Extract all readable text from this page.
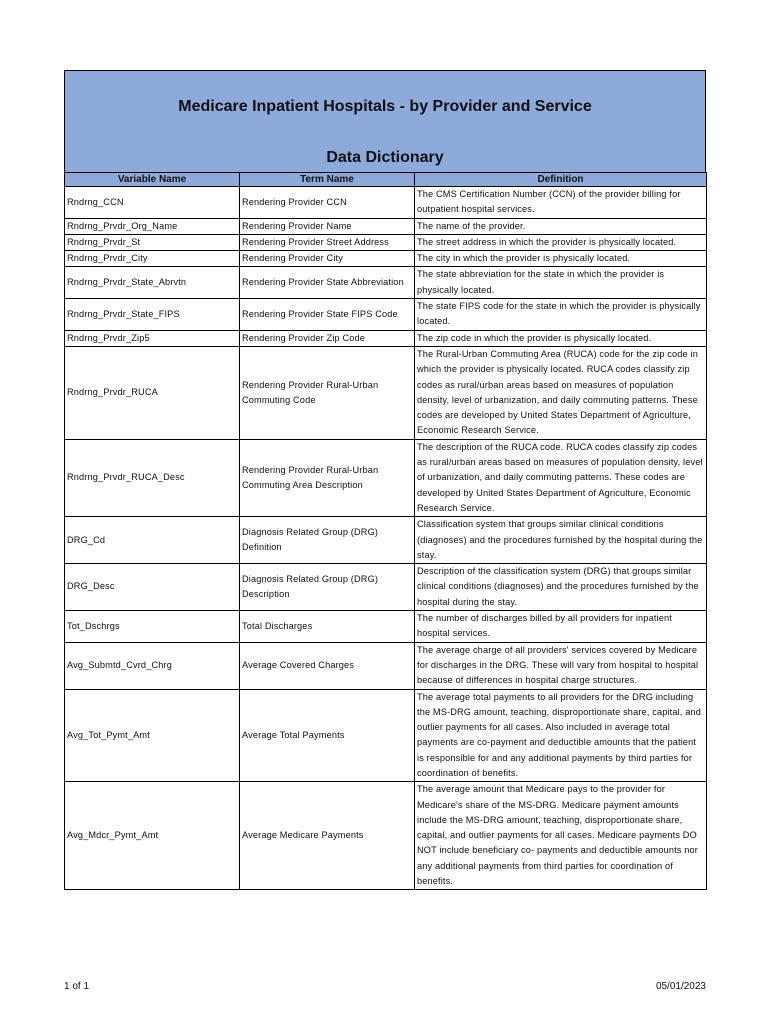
Medicare Inpatient Hospitals - by Provider and Service
Data Dictionary
Variable Name	Term Name	Definition
Rndrng_CCN	Rendering Provider CCN	The CMS Certification Number (CCN) of the provider billing for outpatient hospital services.
Rndrng_Prvdr_Org_Name	Rendering Provider Name	The name of the provider.
Rndrng_Prvdr_St	Rendering Provider Street Address	The street address in which the provider is physically located.
Rndrng_Prvdr_City	Rendering Provider City	The city in which the provider is physically located.
Rndrng_Prvdr_State_Abrvtn	Rendering Provider State Abbreviation	The state abbreviation for the state in which the provider is physically located.
Rndrng_Prvdr_State_FIPS	Rendering Provider State FIPS Code	The state FIPS code for the state in which the provider is physically located.
Rndrng_Prvdr_Zip5	Rendering Provider Zip Code	The zip code in which the provider is physically located.
Rndrng_Prvdr_RUCA	Rendering Provider Rural-Urban Commuting Code	The Rural-Urban Commuting Area (RUCA) code for the zip code in which the provider is physically located. RUCA codes classify zip codes as rural/urban areas based on measures of population density, level of urbanization, and daily commuting patterns. These codes are developed by United States Department of Agriculture, Economic Research Service.
Rndrng_Prvdr_RUCA_Desc	Rendering Provider Rural-Urban Commuting Area Description	The description of the RUCA code. RUCA codes classify zip codes as rural/urban areas based on measures of population density, level of urbanization, and daily commuting patterns. These codes are developed by United States Department of Agriculture, Economic Research Service.
DRG_Cd	Diagnosis Related Group (DRG) Definition	Classification system that groups similar clinical conditions (diagnoses) and the procedures furnished by the hospital during the stay.
DRG_Desc	Diagnosis Related Group (DRG) Description	Description of the classification system (DRG) that groups similar clinical conditions (diagnoses) and the procedures furnished by the hospital during the stay.
Tot_Dschrgs	Total Discharges	The number of discharges billed by all providers for inpatient hospital services.
Avg_Submtd_Cvrd_Chrg	Average Covered Charges	The average charge of all providers' services covered by Medicare for discharges in the DRG. These will vary from hospital to hospital because of differences in hospital charge structures.
Avg_Tot_Pymt_Amt	Average Total Payments	The average total payments to all providers for the DRG including the MS-DRG amount, teaching, disproportionate share, capital, and outlier payments for all cases. Also included in average total payments are co-payment and deductible amounts that the patient is responsible for and any additional payments by third parties for coordination of benefits.
Avg_Mdcr_Pymt_Amt	Average Medicare Payments	The average amount that Medicare pays to the provider for Medicare's share of the MS-DRG. Medicare payment amounts include the MS-DRG amount, teaching, disproportionate share, capital, and outlier payments for all cases. Medicare payments DO NOT include beneficiary co- payments and deductible amounts nor any additional payments from third parties for coordination of benefits.
1 of 1	05/01/2023
